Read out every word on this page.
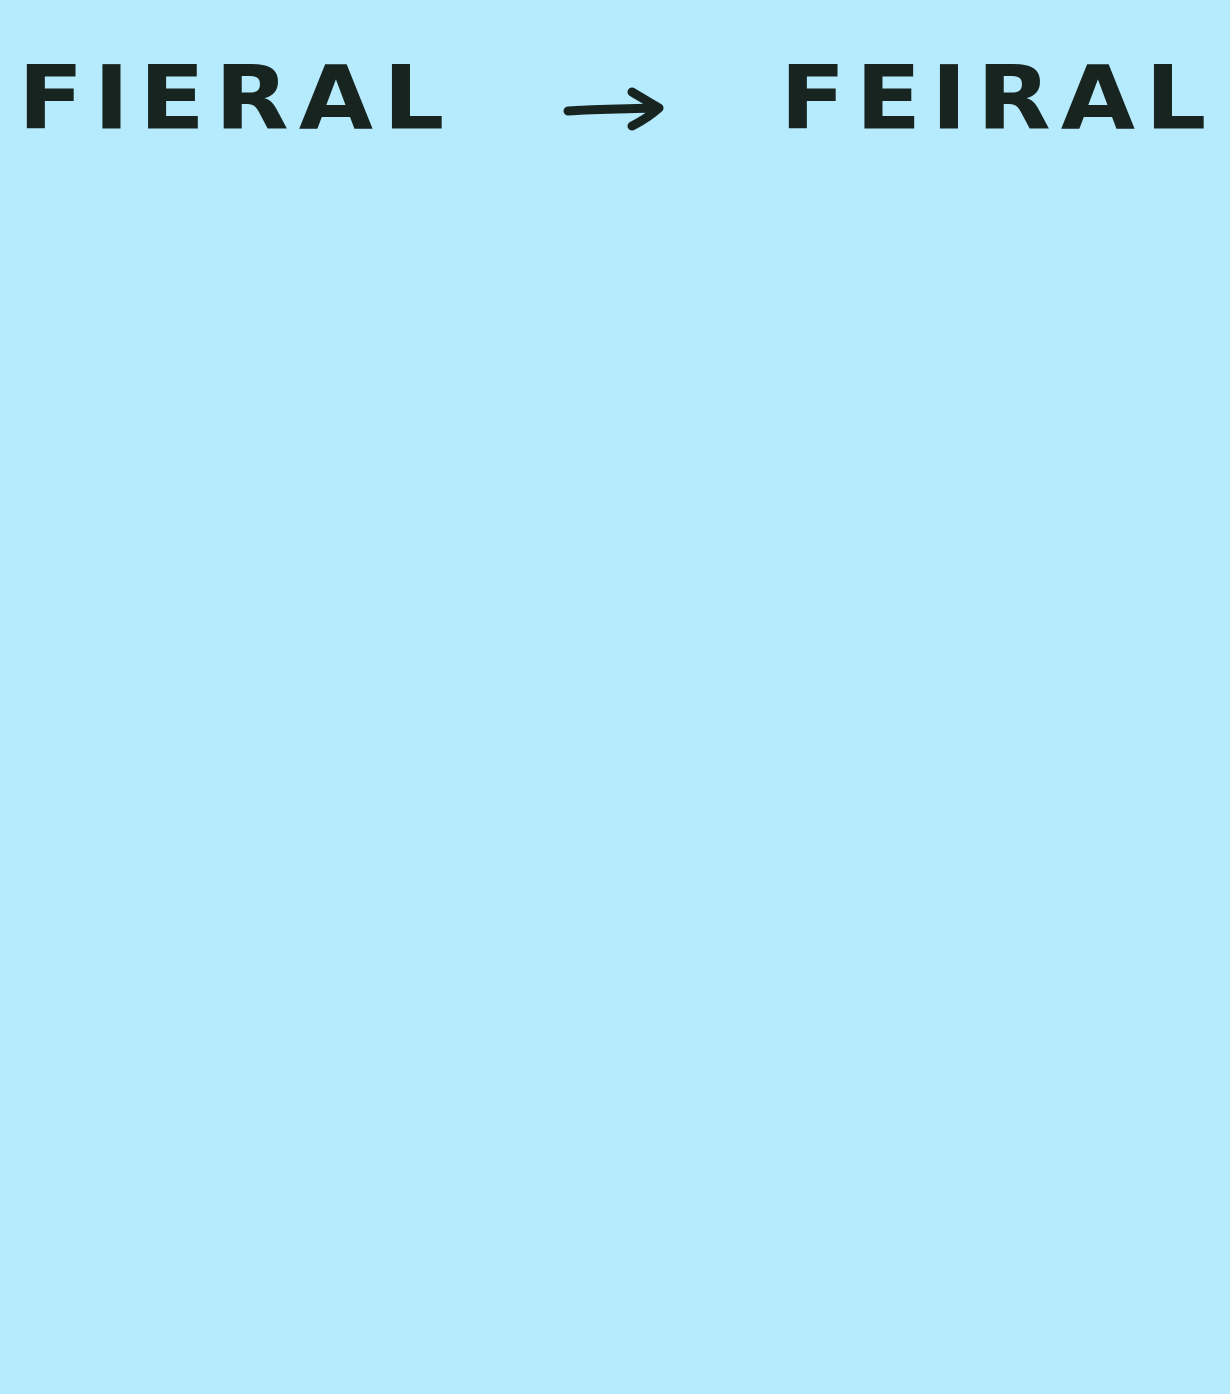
FIERAL	FEIRAL
